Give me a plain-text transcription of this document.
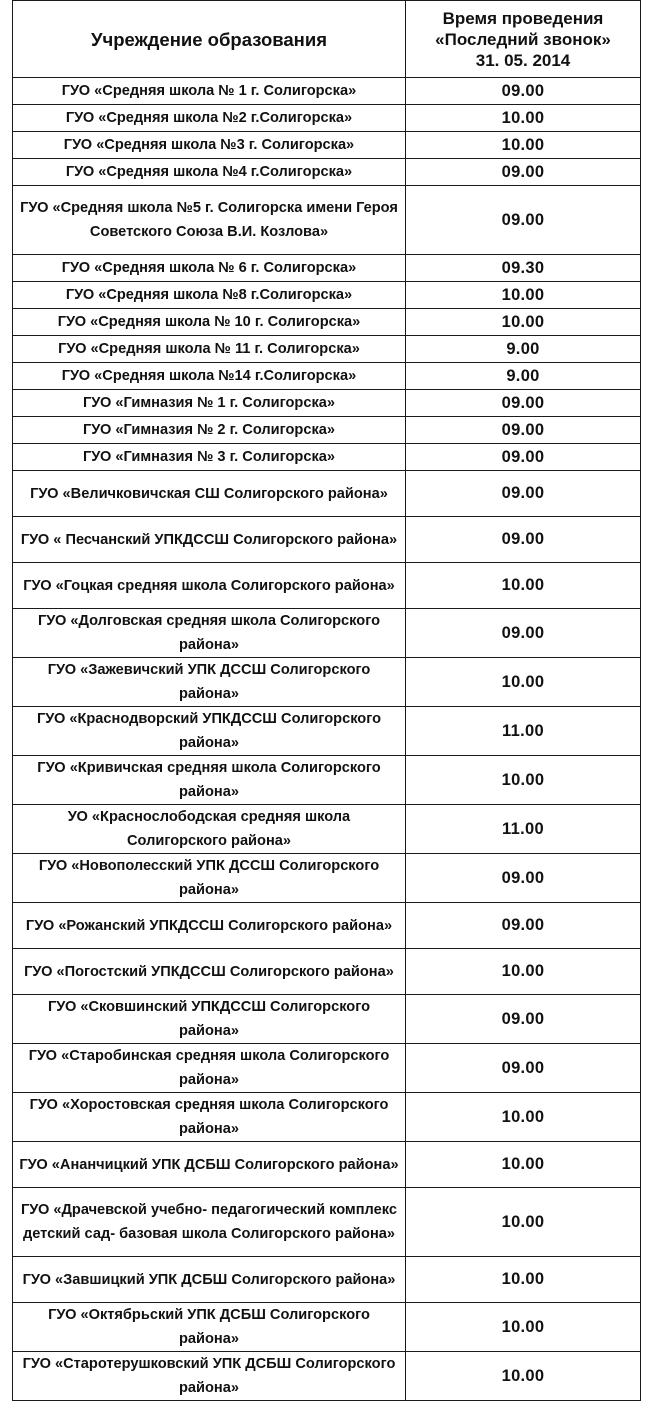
Учреждение образования	Время проведения
«Последний звонок»
31. 05. 2014

ГУО «Средняя школа № 1 г. Солигорска»	09.00
ГУО «Средняя школа №2 г.Солигорска»	10.00
ГУО «Средняя школа №3 г. Солигорска»	10.00
ГУО «Средняя школа №4 г.Солигорска»	09.00
ГУО «Средняя школа №5 г. Солигорска имени Героя Советского Союза В.И. Козлова»	09.00
ГУО «Средняя школа № 6 г. Солигорска»	09.30
ГУО «Средняя школа №8 г.Солигорска»	10.00
ГУО «Средняя школа № 10 г. Солигорска»	10.00
ГУО «Средняя школа № 11 г. Солигорска»	9.00
ГУО «Средняя школа №14 г.Солигорска»	9.00
ГУО «Гимназия № 1 г. Солигорска»	09.00
ГУО «Гимназия № 2 г. Солигорска»	09.00
ГУО «Гимназия № 3 г. Солигорска»	09.00
ГУО «Величковичская СШ Солигорского района»	09.00
ГУО « Песчанский УПКДССШ Солигорского района»	09.00
ГУО «Гоцкая средняя школа Солигорского района»	10.00
ГУО «Долговская средняя школа Солигорского района»	09.00
ГУО «Зажевичский УПК ДССШ Солигорского района»	10.00
ГУО «Краснодворский УПКДССШ Солигорского района»	11.00
ГУО «Кривичская средняя школа Солигорского района»	10.00
УО «Краснослободская средняя школа Солигорского района»	11.00
ГУО «Новополесский УПК ДССШ Солигорского района»	09.00
ГУО «Рожанский УПКДССШ Солигорского района»	09.00
ГУО «Погостский УПКДССШ Солигорского района»	10.00
ГУО «Сковшинский УПКДССШ Солигорского района»	09.00
ГУО «Старобинская средняя школа Солигорского района»	09.00
ГУО «Хоростовская средняя школа Солигорского района»	10.00
ГУО «Ананчицкий УПК ДСБШ Солигорского района»	10.00
ГУО «Драчевской учебно- педагогический комплекс детский сад- базовая школа Солигорского района»	10.00
ГУО «Завшицкий УПК ДСБШ Солигорского района»	10.00
ГУО «Октябрьский УПК ДСБШ Солигорского района»	10.00
ГУО «Старотерушковский УПК ДСБШ Солигорского района»	10.00
